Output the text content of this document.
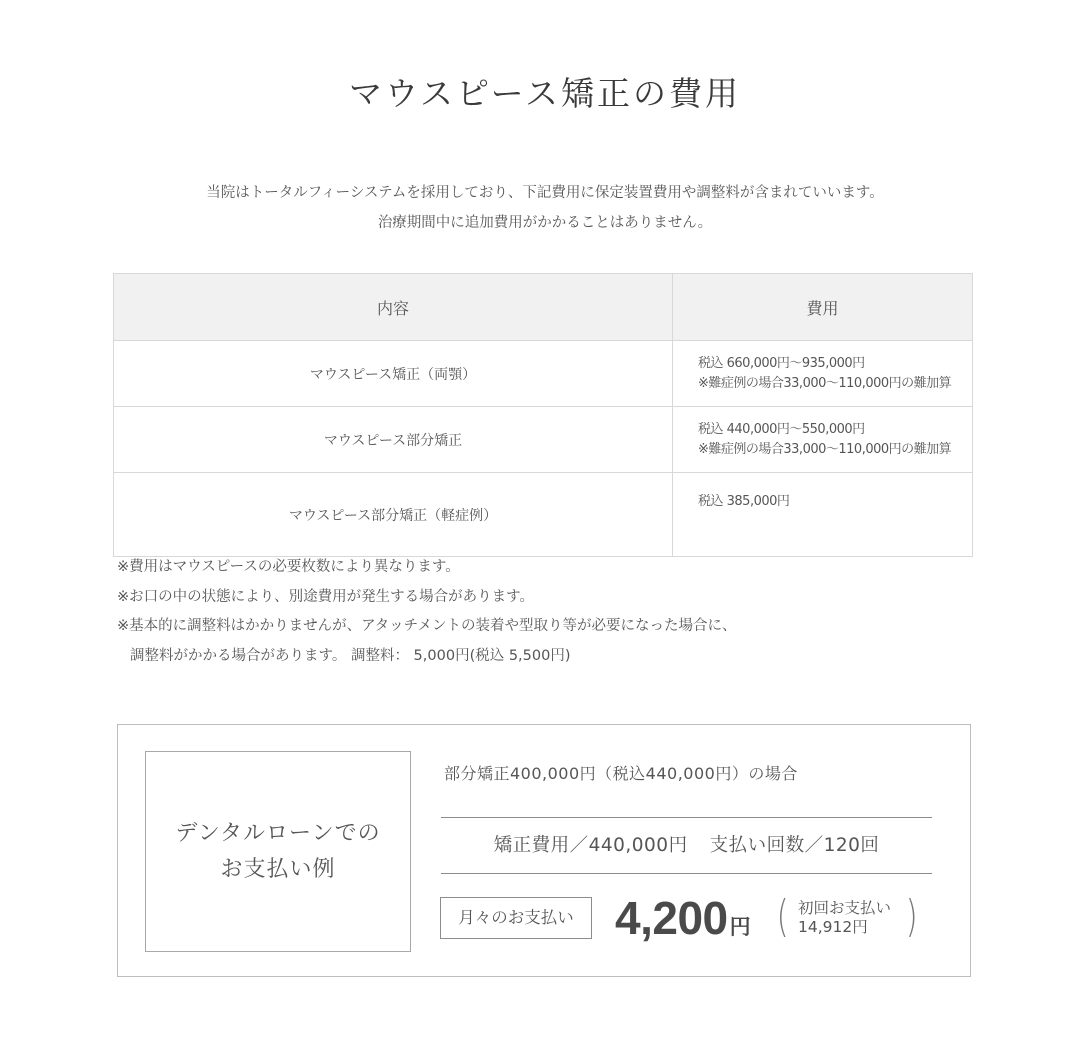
マウスピース矯正の費用

当院はトータルフィーシステムを採用しており、下記費用に保定装置費用や調整料が含まれていいます。

治療期間中に追加費用がかかることはありません。

内容	費用
マウスピース矯正（両顎）	税込 660,000円〜935,000円
※難症例の場合33,000〜110,000円の難加算

マウスピース部分矯正	税込 440,000円〜550,000円
※難症例の場合33,000〜110,000円の難加算

マウスピース部分矯正（軽症例）	税込 385,000円

※費用はマウスピースの必要枚数により異なります。

※お口の中の状態により、別途費用が発生する場合があります。

※基本的に調整料はかかりませんが、アタッチメントの装着や型取り等が必要になった場合に、

調整料がかかる場合があります。 調整料： 5,000円(税込 5,500円)

デンタルローンでの
お支払い例
部分矯正400,000円（税込440,000円）の場合
矯正費用／440,000円 支払い回数／120回
月々のお支払い 4,200円 ( 初回お支払い
14,912円 )
